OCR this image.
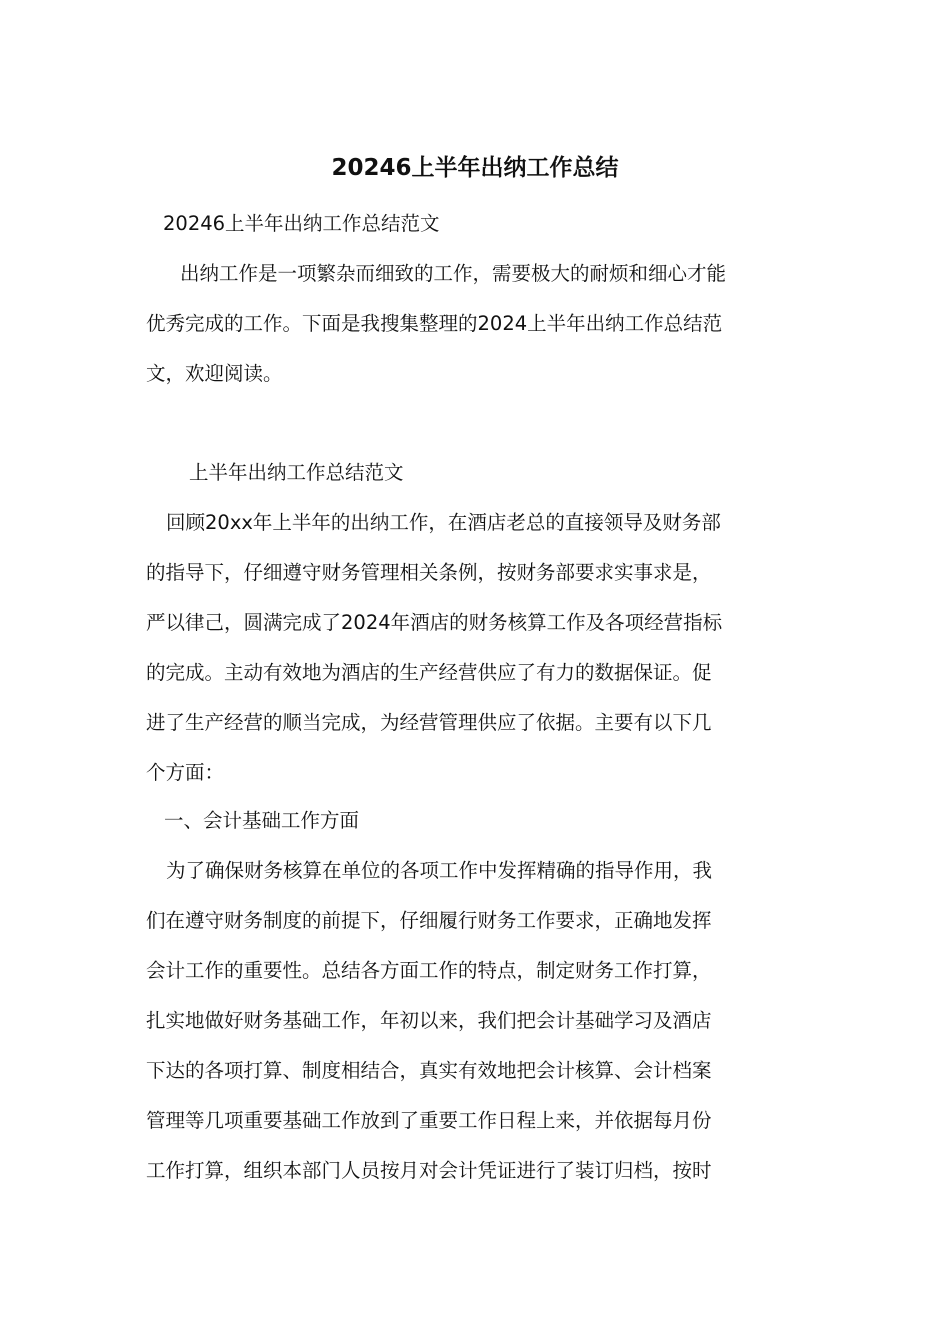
20246上半年出纳工作总结
20246上半年出纳工作总结范文
出纳工作是一项繁杂而细致的工作，需要极大的耐烦和细心才能
优秀完成的工作。下面是我搜集整理的2024上半年出纳工作总结范
文，欢迎阅读。
上半年出纳工作总结范文
回顾20xx年上半年的出纳工作，在酒店老总的直接领导及财务部
的指导下，仔细遵守财务管理相关条例，按财务部要求实事求是，
严以律己，圆满完成了2024年酒店的财务核算工作及各项经营指标
的完成。主动有效地为酒店的生产经营供应了有力的数据保证。促
进了生产经营的顺当完成，为经营管理供应了依据。主要有以下几
个方面：
一、会计基础工作方面
为了确保财务核算在单位的各项工作中发挥精确的指导作用，我
们在遵守财务制度的前提下，仔细履行财务工作要求，正确地发挥
会计工作的重要性。总结各方面工作的特点，制定财务工作打算，
扎实地做好财务基础工作，年初以来，我们把会计基础学习及酒店
下达的各项打算、制度相结合，真实有效地把会计核算、会计档案
管理等几项重要基础工作放到了重要工作日程上来，并依据每月份
工作打算，组织本部门人员按月对会计凭证进行了装订归档，按时
